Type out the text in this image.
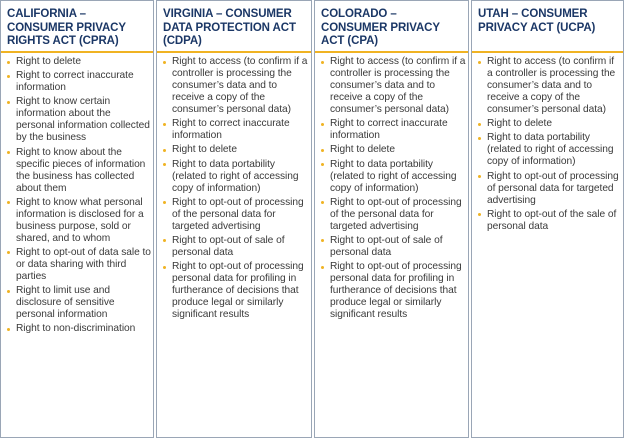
CALIFORNIA – CONSUMER PRIVACY RIGHTS ACT (CPRA)
Right to delete
Right to correct inaccurate information
Right to know certain information about the personal information collected by the business
Right to know about the specific pieces of information the business has collected about them
Right to know what personal information is disclosed for a business purpose, sold or shared, and to whom
Right to opt-out of data sale to or data sharing with third parties
Right to limit use and disclosure of sensitive personal information
Right to non-discrimination
VIRGINIA – CONSUMER DATA PROTECTION ACT (CDPA)
Right to access (to confirm if a controller is processing the consumer’s data and to receive a copy of the consumer’s personal data)
Right to correct inaccurate information
Right to delete
Right to data portability (related to right of accessing copy of information)
Right to opt-out of processing of the personal data for targeted advertising
Right to opt-out of sale of personal data
Right to opt-out of processing personal data for profiling in furtherance of decisions that produce legal or similarly significant results
COLORADO – CONSUMER PRIVACY ACT (CPA)
Right to access (to confirm if a controller is processing the consumer’s data and to receive a copy of the consumer’s personal data)
Right to correct inaccurate information
Right to delete
Right to data portability (related to right of accessing copy of information)
Right to opt-out of processing of the personal data for targeted advertising
Right to opt-out of sale of personal data
Right to opt-out of processing personal data for profiling in furtherance of decisions that produce legal or similarly significant results
UTAH – CONSUMER PRIVACY ACT (UCPA)
Right to access (to confirm if a controller is processing the consumer’s data and to receive a copy of the consumer’s personal data)
Right to delete
Right to data portability (related to right of accessing copy of information)
Right to opt-out of processing of personal data for targeted advertising
Right to opt-out of the sale of personal data
